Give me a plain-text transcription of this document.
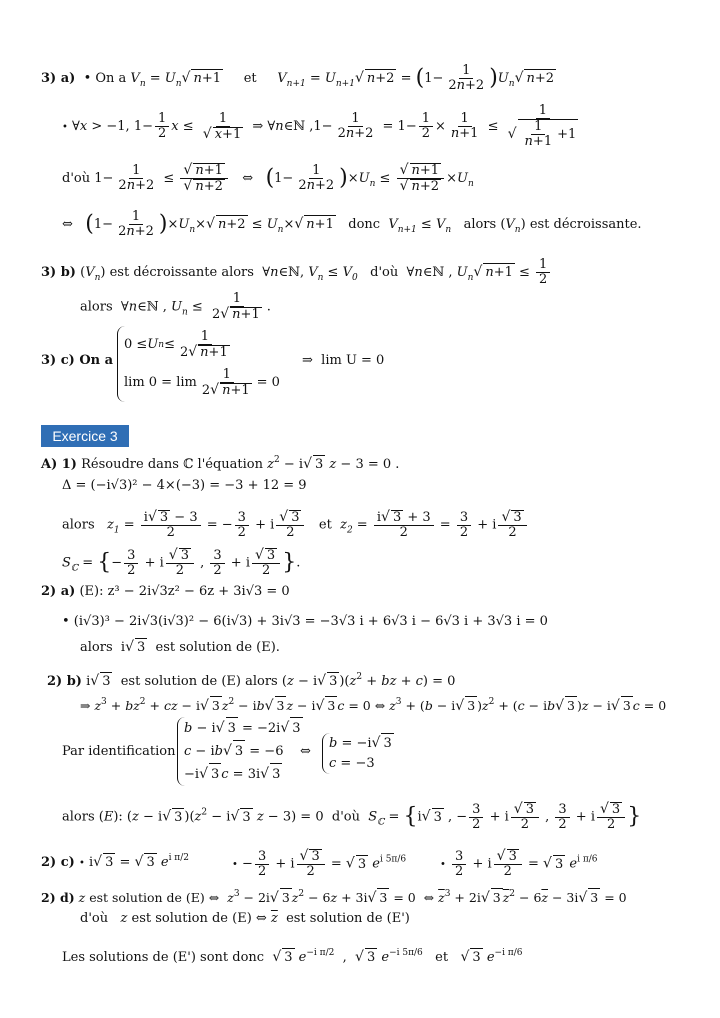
3) a) • On a $V_n = U_n√$ n+1 et $V_{n+1} = U_{n+1}√$ $n+2 = (1- \frac{1}{2n+2} )U_n√$ n+2
• ∀x > −1, $1- \frac{1}{2}$ $x \le \frac{1}{√ x+1}$ ⇒ ∀n∈ℕ $,1- \frac{1}{2n+2} = 1- \frac{1}{2} \times \frac{1}{n+1} \le \frac{1}{√ \frac{1}{n+1} +1}$
d'où $1- \frac{1}{2n+2} \le \frac{√ n+1}{√ n+2}$ ⇔   $(1- \frac{1}{2n+2} )\times U_n \le \frac{√ n+1}{√ n+2} \times U_n$
⇔   $(1- \frac{1}{2n+2} )\times U_n\times√$ $n+2 \le U_n\times√$ n+1 donc $V_{n+1} \le V_n$ alors $(V_n)$ est décroissante.
3) b) $(V_n)$ est décroissante alors  ∀n∈ℕ, $V_n \le V_0$ d'où  ∀n∈ℕ , $U_n√$ $n+1 \le \frac{1}{2}$
alors  ∀n∈ℕ , $U_n \le \frac{1}{2√ n+1}$ .
3) c) On a
0 ≤ U $n \le \frac{1}{2√ n+1}$
$\lim 0 = \lim \frac{1}{2√ n+1} = 0$
⇒  lim U = 0
Exercice 3
A) 1) Résoudre dans ℂ l'équation $z^2 - i√$ 3 z − 3 = 0 .
Δ = (−i√3)² − 4×(−3) = −3 + 12 = 9
alors $z_1 = \frac{i√ 3 - 3}{2}$ = − $\frac{3}{2} + i \frac{√ 3}{2}$ et $z_2 = \frac{i√ 3 + 3}{2} = \frac{3}{2} + i \frac{√ 3}{2}$
$S_ℂ$ = {− $\frac{3}{2} + i \frac{√ 3}{2}$ , $\frac{3}{2} + i \frac{√ 3}{2}$ }.
2) a) (E): z³ − 2i√3z² − 6z + 3i√3 = 0
• (i√3)³ − 2i√3(i√3)² − 6(i√3) + 3i√3 = −3√3 i + 6√3 i − 6√3 i + 3√3 i = 0
alors  i√ 3 est solution de (E).
2) b) i√ 3 est solution de (E) alors (z − i√ 3 )($z^2$ + bz + c) = 0
⇒ $z^3 + bz^2$ + cz − i√ 3 $z^2 - ib√$ 3 z − i√ 3 c = 0 ⇔ $z^3 + (b - i√$ 3 )$z^2 + (c - ib√$ 3 )z − i√ 3 c = 0
Par identification
b − i√ 3 = −2i√ 3
c − ib√ 3 = −6
−i√ 3 c = 3i√ 3
⇔
b = −i√ 3
c = −3
alors (E): (z − i√ 3 )($z^2 - i√$ 3 z − 3) = 0  d'où $S_ℂ = \{i√$ 3 , − $\frac{3}{2} + i \frac{√ 3}{2}$ , $\frac{3}{2} + i \frac{√ 3}{2}$ }
2) c) • i√ 3 = √ 3 $e^{i \pi/2}$
• − $\frac{3}{2} + i \frac{√ 3}{2}$ = √ 3 $e^{i 5\pi/6}$	• $\frac{3}{2} + i \frac{√ 3}{2}$ = √ 3 $e^{i \pi/6}$
2) d) z est solution de (E) ⇔  $z^3 - 2i√$ 3 $z^2 - 6z + 3i√$ 3 = 0  ⇔ $\overline{z}^3 + 2i√$ 3 $\overline{z}^2 - 6\overline{z} - 3i√$ 3 = 0
d'où z est solution de (E) ⇔ $\overline{z}$ est solution de (E')
Les solutions de (E') sont donc √ 3 $e^{-i \pi/2}$  ,  √ 3 $e^{-i 5\pi/6}$ et √ 3 $e^{-i \pi/6}$
